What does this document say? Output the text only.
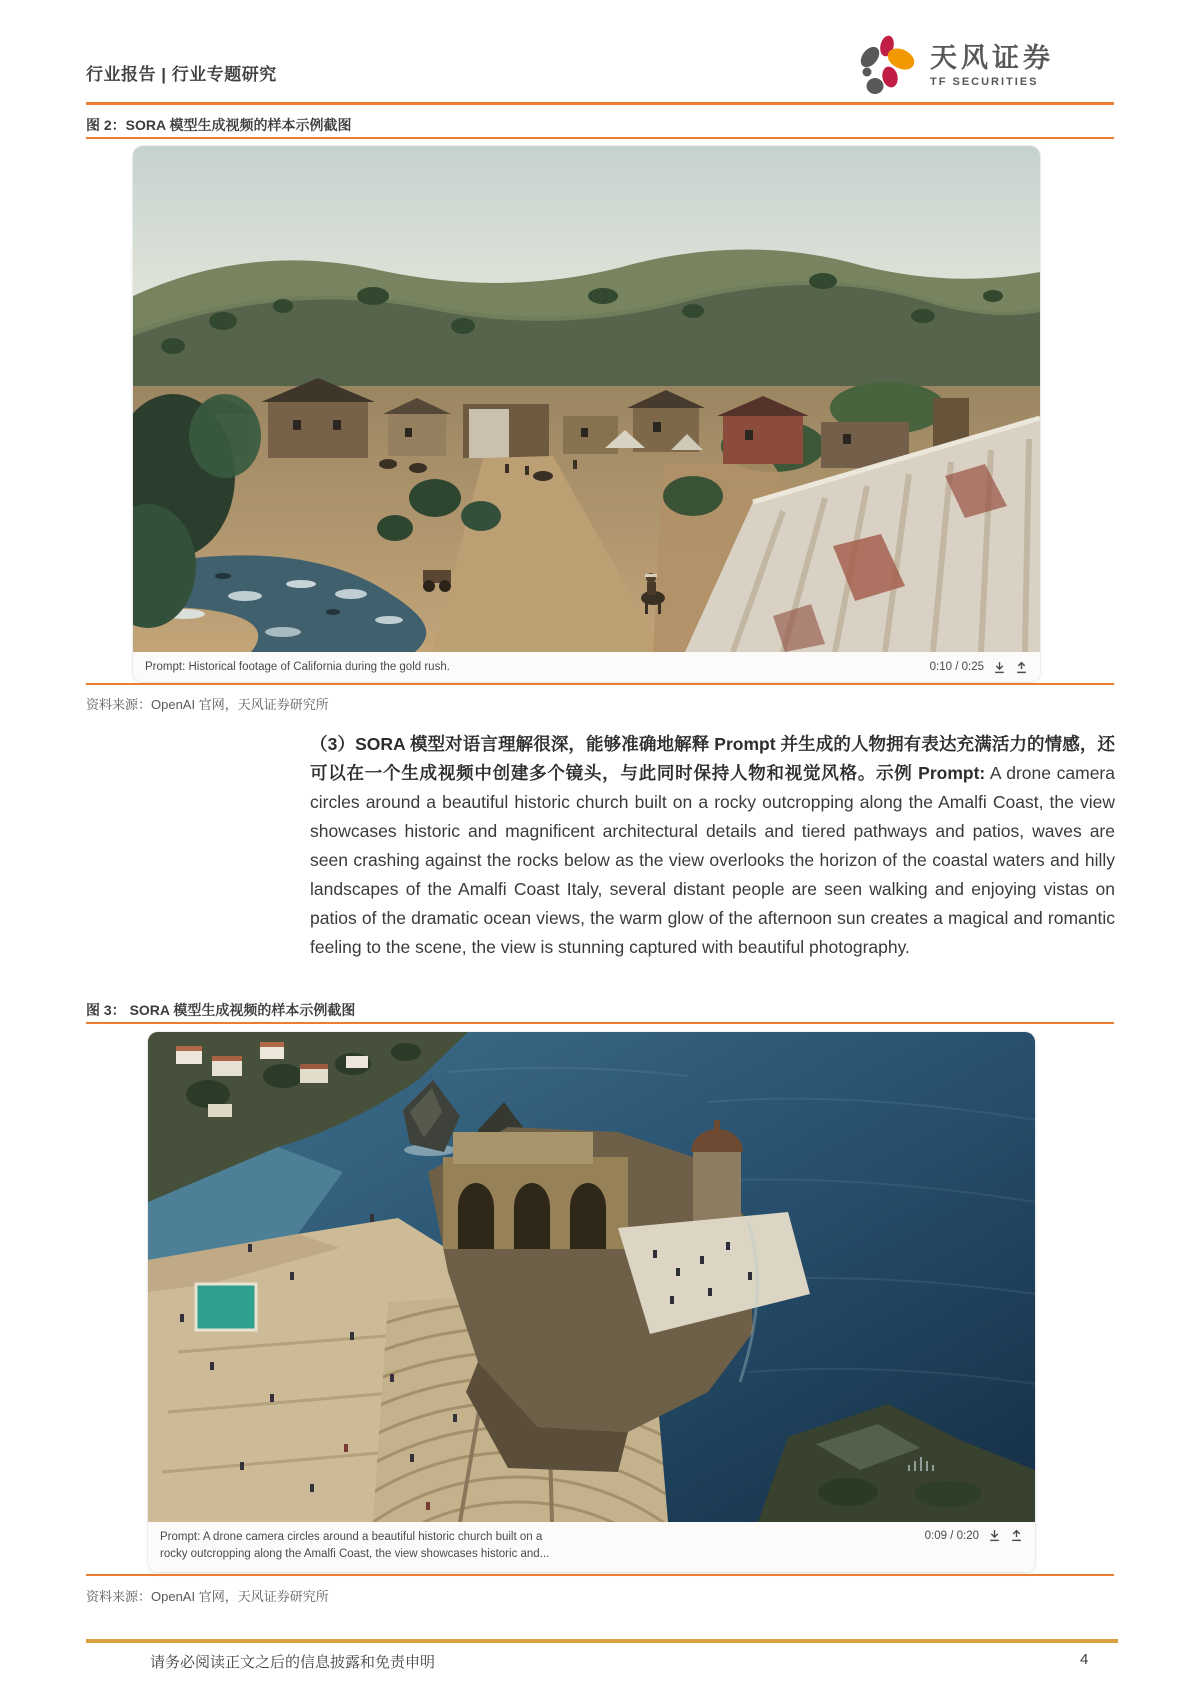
行业报告 | 行业专题研究
天风证券
TF SECURITIES
图 2：SORA 模型生成视频的样本示例截图
Prompt: Historical footage of California during the gold rush.	0:10 / 0:25
资料来源：OpenAI 官网，天风证券研究所

（3）SORA 模型对语言理解很深，能够准确地解释 Prompt 并生成的人物拥有表达充满活力的情感，还可以在一个生成视频中创建多个镜头，与此同时保持人物和视觉风格。示例 Prompt: A drone camera circles around a beautiful historic church built on a rocky outcropping along the Amalfi Coast, the view showcases historic and magnificent architectural details and tiered pathways and patios, waves are seen crashing against the rocks below as the view overlooks the horizon of the coastal waters and hilly landscapes of the Amalfi Coast Italy, several distant people are seen walking and enjoying vistas on patios of the dramatic ocean views, the warm glow of the afternoon sun creates a magical and romantic feeling to the scene, the view is stunning captured with beautiful photography.

图 3： SORA 模型生成视频的样本示例截图
Prompt: A drone camera circles around a beautiful historic church built on a
rocky outcropping along the Amalfi Coast, the view showcases historic and...
0:09 / 0:20
资料来源：OpenAI 官网，天风证券研究所
请务必阅读正文之后的信息披露和免责申明	4
